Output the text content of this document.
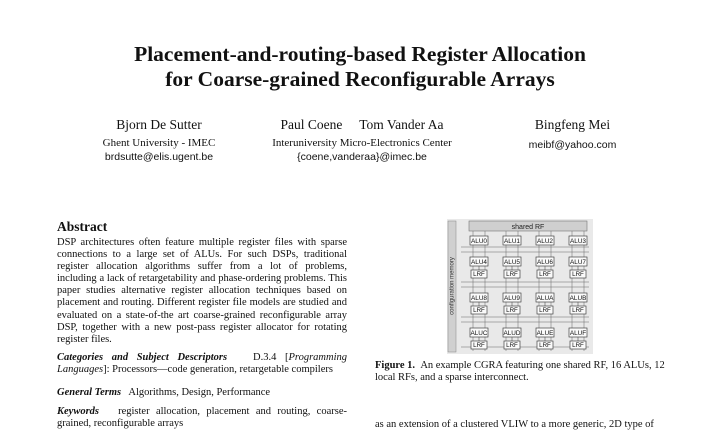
Placement-and-routing-based Register Allocation
for Coarse-grained Reconfigurable Arrays
Bjorn De Sutter
Ghent University - IMEC
brdsutte@elis.ugent.be
Paul Coene Tom Vander Aa
Interuniversity Micro-Electronics Center
{coene,vanderaa}@imec.be
Bingfeng Mei
meibf@yahoo.com
Abstract
DSP architectures often feature multiple register files with sparse connections to a large set of ALUs. For such DSPs, traditional register allocation algorithms suffer from a lot of problems, including a lack of retargetability and phase-ordering problems. This paper studies alternative register allocation techniques based on placement and routing. Different register file models are studied and evaluated on a state-of-the art coarse-grained reconfigurable array DSP, together with a new post-pass register allocator for rotating register files.
Categories and Subject Descriptors D.3.4 [Programming Languages]: Processors—code generation, retargetable compilers
General Terms Algorithms, Design, Performance
Keywords register allocation, placement and routing, coarse-grained, reconfigurable arrays
configuration memory
shared RF
ALU0	ALU1	ALU2	ALU3
ALU4
LRF
ALU5
LRF
ALU6
LRF
ALU7
LRF
ALU8
LRF
ALU9
LRF
ALUA
LRF
ALUB
LRF
ALUC
LRF
ALUD
LRF
ALUE
LRF
ALUF
LRF
Figure 1. An example CGRA featuring one shared RF, 16 ALUs, 12 local RFs, and a sparse interconnect.
as an extension of a clustered VLIW to a more generic, 2D type of
